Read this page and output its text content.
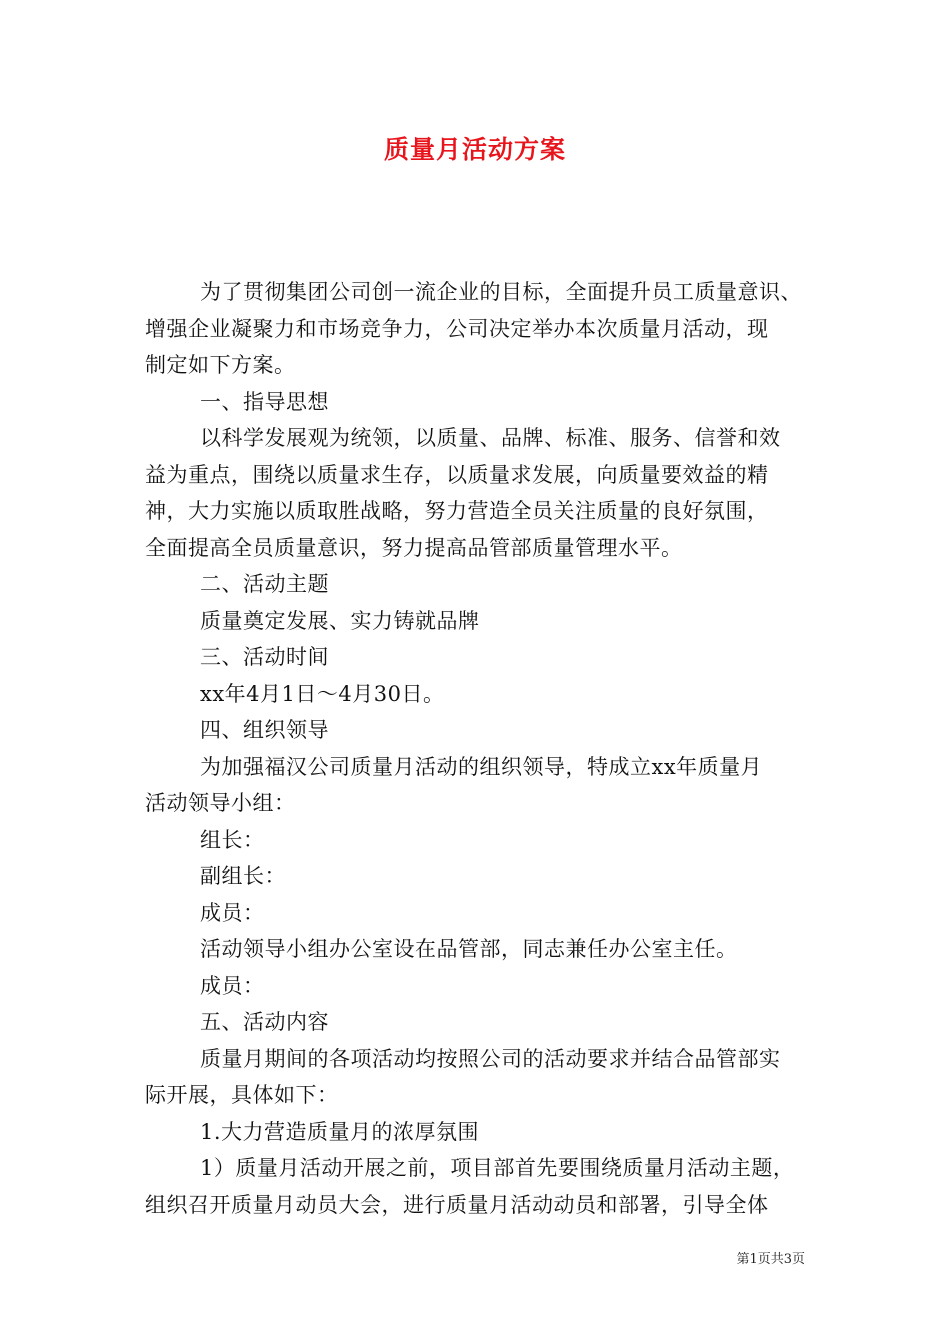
质量月活动方案
为了贯彻集团公司创一流企业的目标，全面提升员工质量意识、
增强企业凝聚力和市场竞争力，公司决定举办本次质量月活动，现
制定如下方案。
一、指导思想
以科学发展观为统领，以质量、品牌、标准、服务、信誉和效
益为重点，围绕以质量求生存，以质量求发展，向质量要效益的精
神，大力实施以质取胜战略，努力营造全员关注质量的良好氛围，
全面提高全员质量意识，努力提高品管部质量管理水平。
二、活动主题
质量奠定发展、实力铸就品牌
三、活动时间
xx年4月1日～4月30日。
四、组织领导
为加强福汉公司质量月活动的组织领导，特成立xx年质量月
活动领导小组：
组长：
副组长：
成员：
活动领导小组办公室设在品管部，同志兼任办公室主任。
成员：
五、活动内容
质量月期间的各项活动均按照公司的活动要求并结合品管部实
际开展，具体如下：
1.大力营造质量月的浓厚氛围
1）质量月活动开展之前，项目部首先要围绕质量月活动主题，
组织召开质量月动员大会，进行质量月活动动员和部署，引导全体
第1页共3页
